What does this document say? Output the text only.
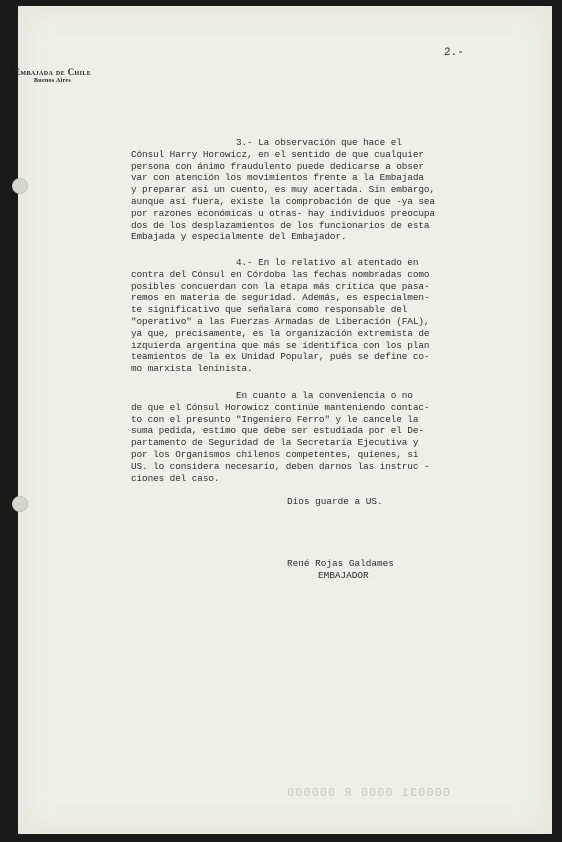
2.-
Embajada de Chile
Buenos Aires
3.- La observación que hace el
Cónsul Harry Horowicz, en el sentido de que cualquier
persona con ánimo fraudulento puede dedicarse a obser
var con atención los movimientos frente a la Embajada
y preparar así un cuento, es muy acertada. Sin embargo,
aunque así fuera, existe la comprobación de que -ya sea
por razones económicas u otras- hay individuos preocupa
dos de los desplazamientos de los funcionarios de esta
Embajada y especialmente del Embajador.
4.- En lo relativo al atentado en
contra del Cónsul en Córdoba las fechas nombradas como
posibles concuerdan con la etapa más crítica que pasa-
remos en materia de seguridad. Además, es especialmen-
te significativo que señalara como responsable del
"operativo" a las Fuerzas Armadas de Liberación (FAL),
ya que, precisamente, es la organización extremista de
izquierda argentina que más se identifica con los plan
teamientos de la ex Unidad Popular, pués se define co-
mo marxista leninista.
En cuanto a la conveniencia o no
de que el Cónsul Horowicz continúe manteniendo contac-
to con el presunto "Ingeniero Ferro" y le cancele la
suma pedida, estimo que debe ser estudiada por el De-
partamento de Seguridad de la Secretaría Ejecutiva y
por los Organismos chilenos competentes, quienes, si
US. lo considera necesario, deben darnos las instruc -
ciones del caso.
Dios guarde a US.
René Rojas Galdames
EMBAJADOR
000031 0000 R 000000
